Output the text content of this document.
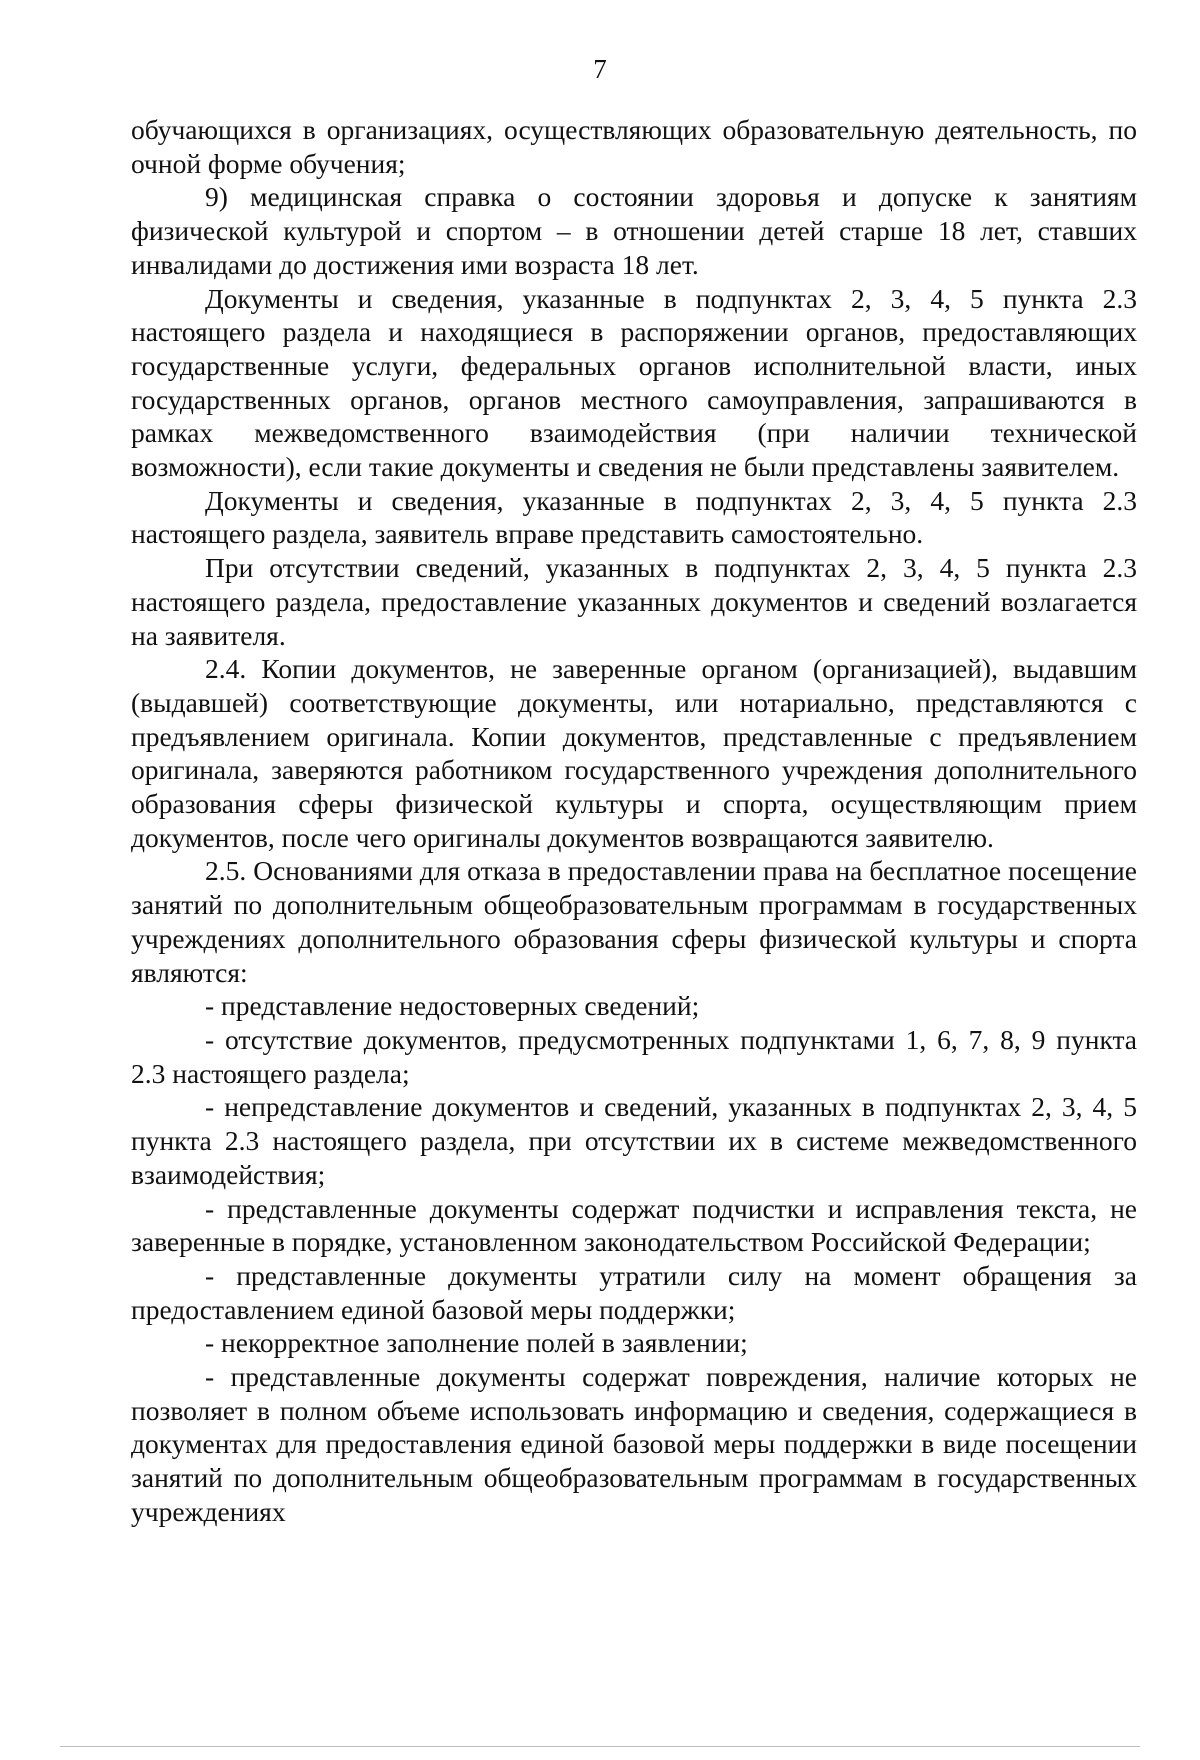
7

обучающихся в организациях, осуществляющих образовательную деятельность, по очной форме обучения;

9) медицинская справка о состоянии здоровья и допуске к занятиям физической культурой и спортом – в отношении детей старше 18 лет, ставших инвалидами до достижения ими возраста 18 лет.

Документы и сведения, указанные в подпунктах 2, 3, 4, 5 пункта 2.3 настоящего раздела и находящиеся в распоряжении органов, предоставляющих государственные услуги, федеральных органов исполнительной власти, иных государственных органов, органов местного самоуправления, запрашиваются в рамках межведомственного взаимодействия (при наличии технической возможности), если такие документы и сведения не были представлены заявителем.

Документы и сведения, указанные в подпунктах 2, 3, 4, 5 пункта 2.3 настоящего раздела, заявитель вправе представить самостоятельно.

При отсутствии сведений, указанных в подпунктах 2, 3, 4, 5 пункта 2.3 настоящего раздела, предоставление указанных документов и сведений возлагается на заявителя.

2.4. Копии документов, не заверенные органом (организацией), выдавшим (выдавшей) соответствующие документы, или нотариально, представляются с предъявлением оригинала. Копии документов, представленные с предъявлением оригинала, заверяются работником государственного учреждения дополнительного образования сферы физической культуры и спорта, осуществляющим прием документов, после чего оригиналы документов возвращаются заявителю.

2.5. Основаниями для отказа в предоставлении права на бесплатное посещение занятий по дополнительным общеобразовательным программам в государственных учреждениях дополнительного образования сферы физической культуры и спорта являются:

- представление недостоверных сведений;

- отсутствие документов, предусмотренных подпунктами 1, 6, 7, 8, 9 пункта 2.3 настоящего раздела;

- непредставление документов и сведений, указанных в подпунктах 2, 3, 4, 5 пункта 2.3 настоящего раздела, при отсутствии их в системе межведомственного взаимодействия;

- представленные документы содержат подчистки и исправления текста, не заверенные в порядке, установленном законодательством Российской Федерации;

- представленные документы утратили силу на момент обращения за предоставлением единой базовой меры поддержки;

- некорректное заполнение полей в заявлении;

- представленные документы содержат повреждения, наличие которых не позволяет в полном объеме использовать информацию и сведения, содержащиеся в документах для предоставления единой базовой меры поддержки в виде посещении занятий по дополнительным общеобразовательным программам в государственных учреждениях
